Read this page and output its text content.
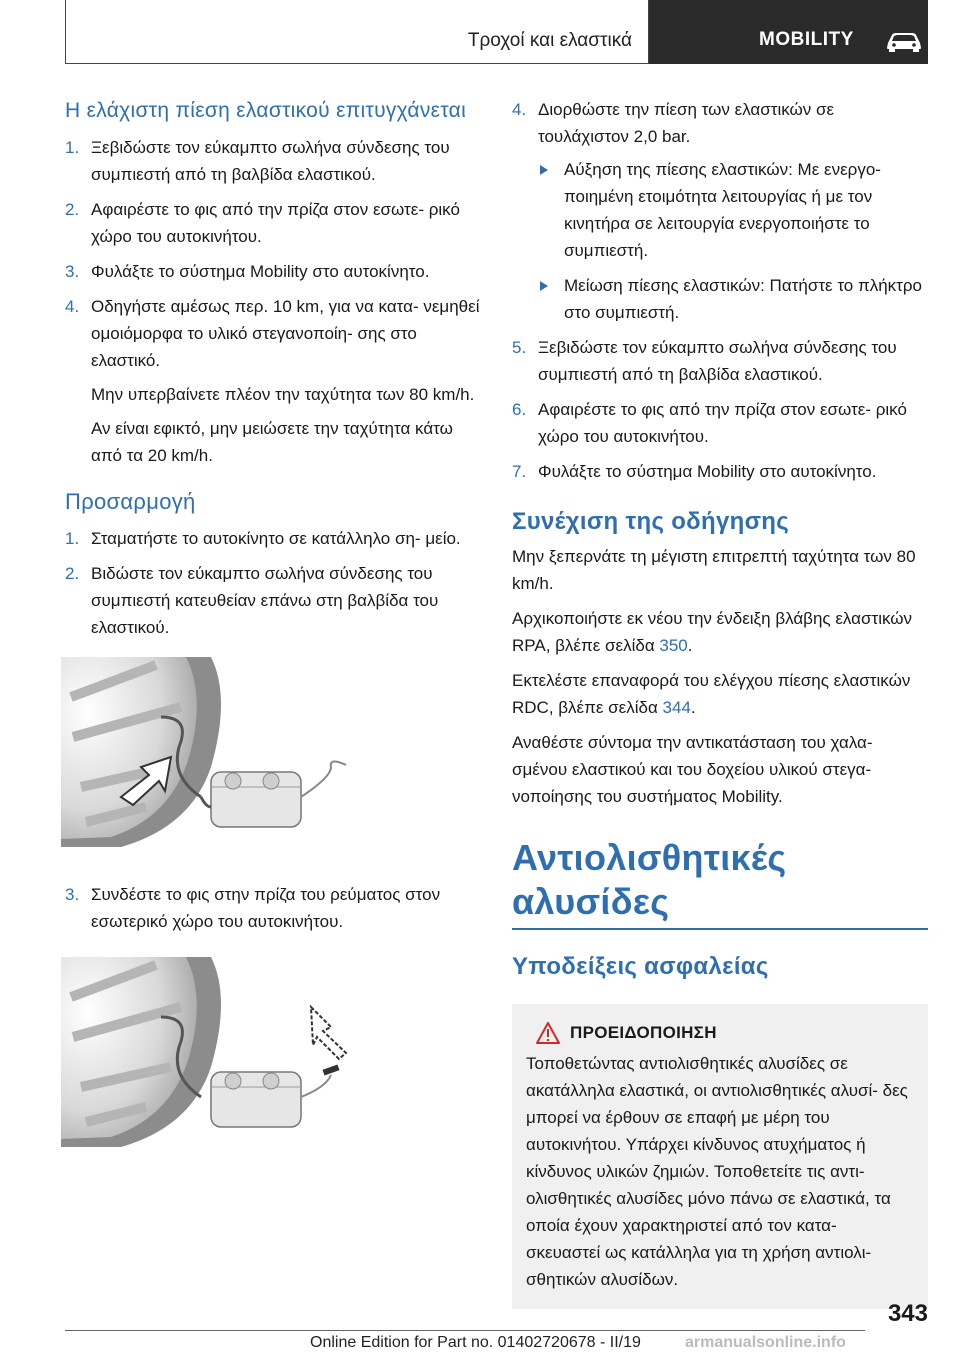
Τροχοί και ελαστικά	MOBILITY
Η ελάχιστη πίεση ελαστικού επιτυγχάνεται
1. Ξεβιδώστε τον εύκαμπτο σωλήνα σύνδεσης του συμπιεστή από τη βαλβίδα ελαστικού.
2. Αφαιρέστε το φις από την πρίζα στον εσωτε‐ ρικό χώρο του αυτοκινήτου.
3. Φυλάξτε το σύστημα Mobility στο αυτοκίνητο.
4. Οδηγήστε αμέσως περ. 10 km, για να κατα‐ νεμηθεί ομοιόμορφα το υλικό στεγανοποίη‐ σης στο ελαστικό.
Μην υπερβαίνετε πλέον την ταχύτητα των 80 km/h.
Αν είναι εφικτό, μην μειώσετε την ταχύτητα κάτω από τα 20 km/h.
Προσαρμογή
1. Σταματήστε το αυτοκίνητο σε κατάλληλο ση‐ μείο.
2. Βιδώστε τον εύκαμπτο σωλήνα σύνδεσης του συμπιεστή κατευθείαν επάνω στη βαλβίδα του ελαστικού.
3. Συνδέστε το φις στην πρίζα του ρεύματος στον εσωτερικό χώρο του αυτοκινήτου.
4. Διορθώστε την πίεση των ελαστικών σε τουλάχιστον 2,0 bar.
Αύξηση της πίεσης ελαστικών: Με ενεργο‐ ποιημένη ετοιμότητα λειτουργίας ή με τον κινητήρα σε λειτουργία ενεργοποιήστε το συμπιεστή.
Μείωση πίεσης ελαστικών: Πατήστε το πλήκτρο στο συμπιεστή.
5. Ξεβιδώστε τον εύκαμπτο σωλήνα σύνδεσης του συμπιεστή από τη βαλβίδα ελαστικού.
6. Αφαιρέστε το φις από την πρίζα στον εσωτε‐ ρικό χώρο του αυτοκινήτου.
7. Φυλάξτε το σύστημα Mobility στο αυτοκίνητο.
Συνέχιση της οδήγησης

Μην ξεπερνάτε τη μέγιστη επιτρεπτή ταχύτητα των 80 km/h.

Αρχικοποιήστε εκ νέου την ένδειξη βλάβης ελαστικών RPA, βλέπε σελίδα 350.

Εκτελέστε επαναφορά του ελέγχου πίεσης ελαστικών RDC, βλέπε σελίδα 344.

Αναθέστε σύντομα την αντικατάσταση του χαλα‐ σμένου ελαστικού και του δοχείου υλικού στεγα‐ νοποίησης του συστήματος Mobility.

Αντιολισθητικές αλυσίδες
Υποδείξεις ασφαλείας
ΠΡΟΕΙΔΟΠΟΙΗΣΗ
Τοποθετώντας αντιολισθητικές αλυσίδες σε ακατάλληλα ελαστικά, οι αντιολισθητικές αλυσί‐ δες μπορεί να έρθουν σε επαφή με μέρη του αυτοκινήτου. Υπάρχει κίνδυνος ατυχήματος ή κίνδυνος υλικών ζημιών. Τοποθετείτε τις αντι‐ ολισθητικές αλυσίδες μόνο πάνω σε ελαστικά, τα οποία έχουν χαρακτηριστεί από τον κατα‐ σκευαστεί ως κατάλληλα για τη χρήση αντιολι‐ σθητικών αλυσίδων.
343
Online Edition for Part no. 01402720678 - II/19	armanualsonline.info
